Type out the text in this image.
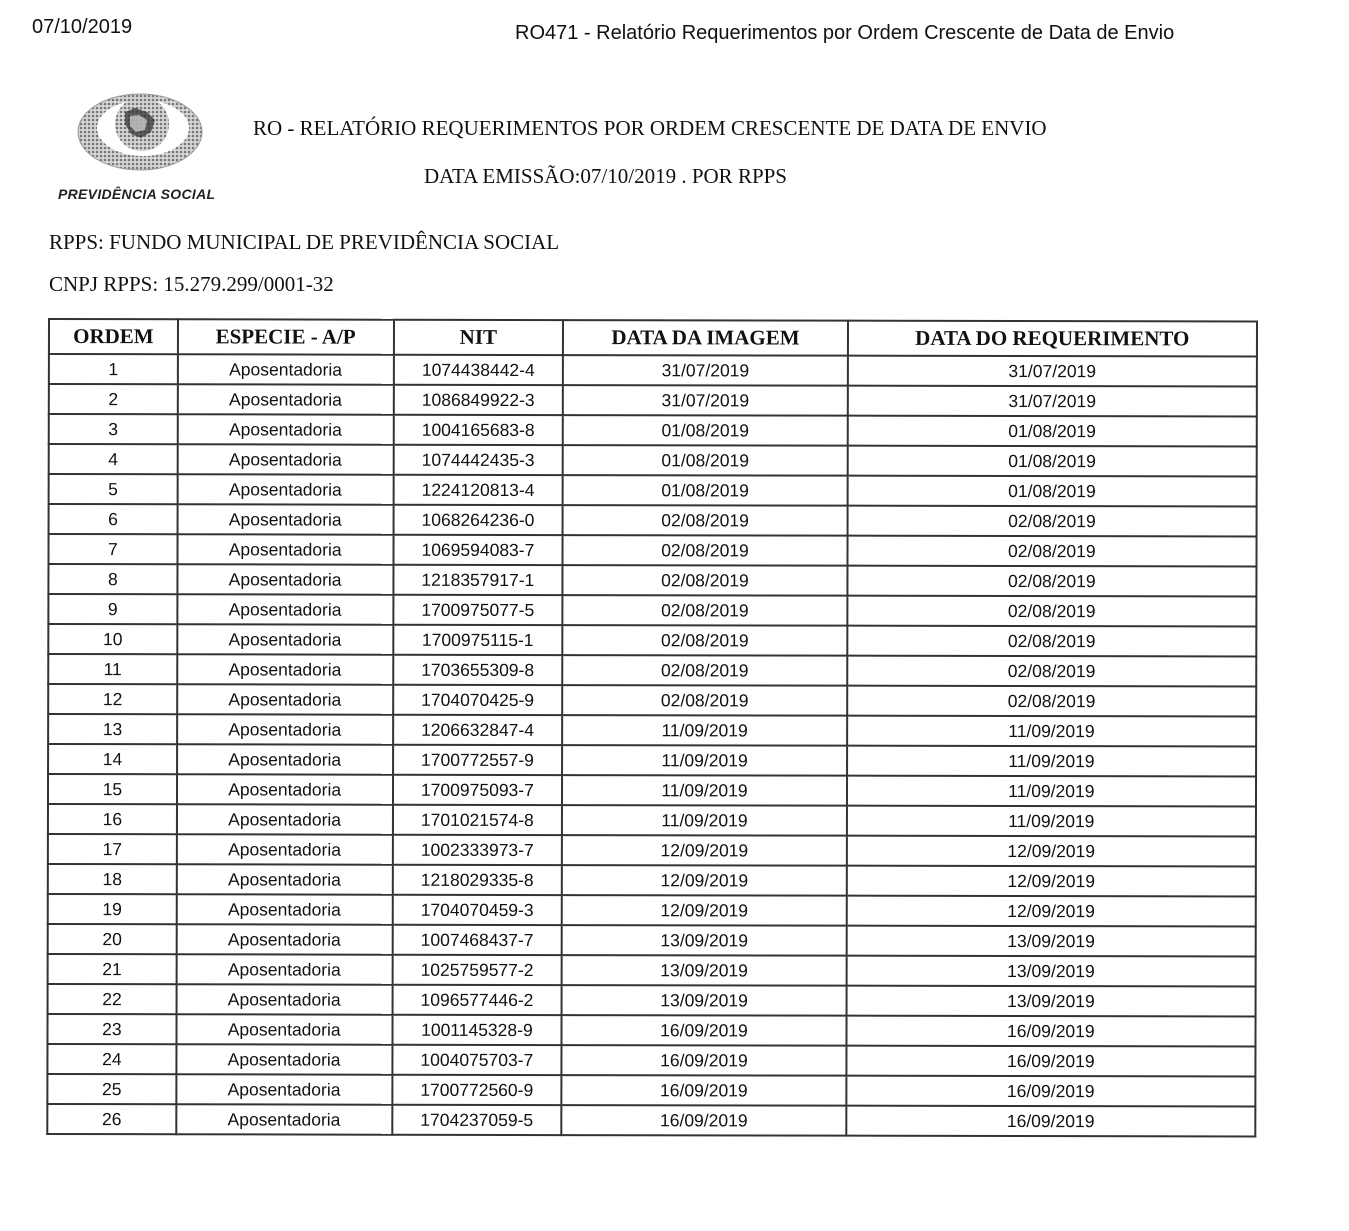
07/10/2019	RO471 - Relatório Requerimentos por Ordem Crescente de Data de Envio
PREVIDÊNCIA SOCIAL
RO - RELATÓRIO REQUERIMENTOS POR ORDEM CRESCENTE DE DATA DE ENVIO
DATA EMISSÃO:07/10/2019 . POR RPPS
RPPS: FUNDO MUNICIPAL DE PREVIDÊNCIA SOCIAL
CNPJ RPPS: 15.279.299/0001-32
ORDEM	ESPECIE - A/P	NIT	DATA DA IMAGEM	DATA DO REQUERIMENTO
1	Aposentadoria	1074438442-4	31/07/2019	31/07/2019
2	Aposentadoria	1086849922-3	31/07/2019	31/07/2019
3	Aposentadoria	1004165683-8	01/08/2019	01/08/2019
4	Aposentadoria	1074442435-3	01/08/2019	01/08/2019
5	Aposentadoria	1224120813-4	01/08/2019	01/08/2019
6	Aposentadoria	1068264236-0	02/08/2019	02/08/2019
7	Aposentadoria	1069594083-7	02/08/2019	02/08/2019
8	Aposentadoria	1218357917-1	02/08/2019	02/08/2019
9	Aposentadoria	1700975077-5	02/08/2019	02/08/2019
10	Aposentadoria	1700975115-1	02/08/2019	02/08/2019
11	Aposentadoria	1703655309-8	02/08/2019	02/08/2019
12	Aposentadoria	1704070425-9	02/08/2019	02/08/2019
13	Aposentadoria	1206632847-4	11/09/2019	11/09/2019
14	Aposentadoria	1700772557-9	11/09/2019	11/09/2019
15	Aposentadoria	1700975093-7	11/09/2019	11/09/2019
16	Aposentadoria	1701021574-8	11/09/2019	11/09/2019
17	Aposentadoria	1002333973-7	12/09/2019	12/09/2019
18	Aposentadoria	1218029335-8	12/09/2019	12/09/2019
19	Aposentadoria	1704070459-3	12/09/2019	12/09/2019
20	Aposentadoria	1007468437-7	13/09/2019	13/09/2019
21	Aposentadoria	1025759577-2	13/09/2019	13/09/2019
22	Aposentadoria	1096577446-2	13/09/2019	13/09/2019
23	Aposentadoria	1001145328-9	16/09/2019	16/09/2019
24	Aposentadoria	1004075703-7	16/09/2019	16/09/2019
25	Aposentadoria	1700772560-9	16/09/2019	16/09/2019
26	Aposentadoria	1704237059-5	16/09/2019	16/09/2019
